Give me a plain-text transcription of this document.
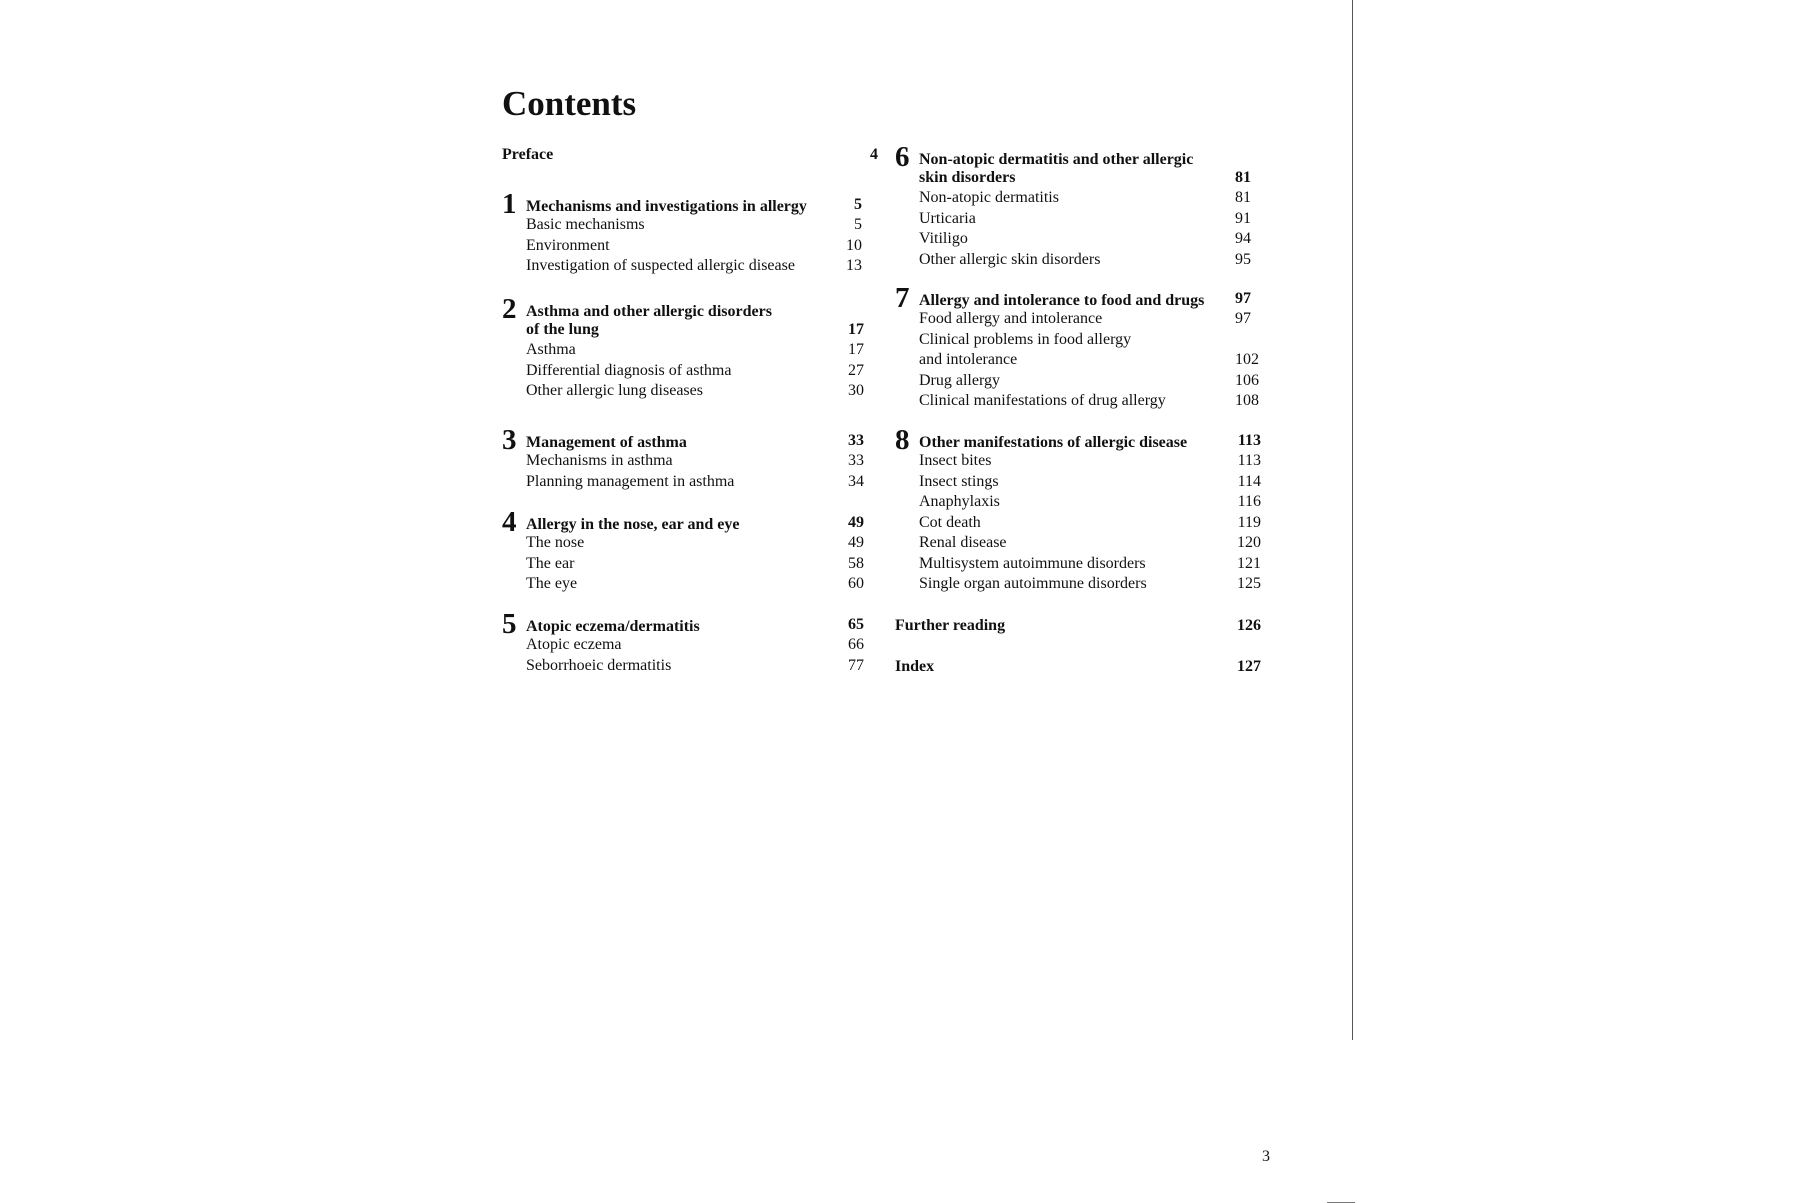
Contents
Preface	4
1 Mechanisms and investigations in allergy	5
Basic mechanisms	5
Environment	10
Investigation of suspected allergic disease	13
2 Asthma and other allergic disorders
of the lung	17
Asthma	17
Differential diagnosis of asthma	27
Other allergic lung diseases	30
3 Management of asthma	33
Mechanisms in asthma	33
Planning management in asthma	34
4 Allergy in the nose, ear and eye	49
The nose	49
The ear	58
The eye	60
5 Atopic eczema/dermatitis	65
Atopic eczema	66
Seborrhoeic dermatitis	77
6 Non-atopic dermatitis and other allergic
skin disorders	81
Non-atopic dermatitis	81
Urticaria	91
Vitiligo	94
Other allergic skin disorders	95
7 Allergy and intolerance to food and drugs	97
Food allergy and intolerance	97
Clinical problems in food allergy
and intolerance	102
Drug allergy	106
Clinical manifestations of drug allergy	108
8 Other manifestations of allergic disease	113
Insect bites	113
Insect stings	114
Anaphylaxis	116
Cot death	119
Renal disease	120
Multisystem autoimmune disorders	121
Single organ autoimmune disorders	125
Further reading	126
Index	127
3
